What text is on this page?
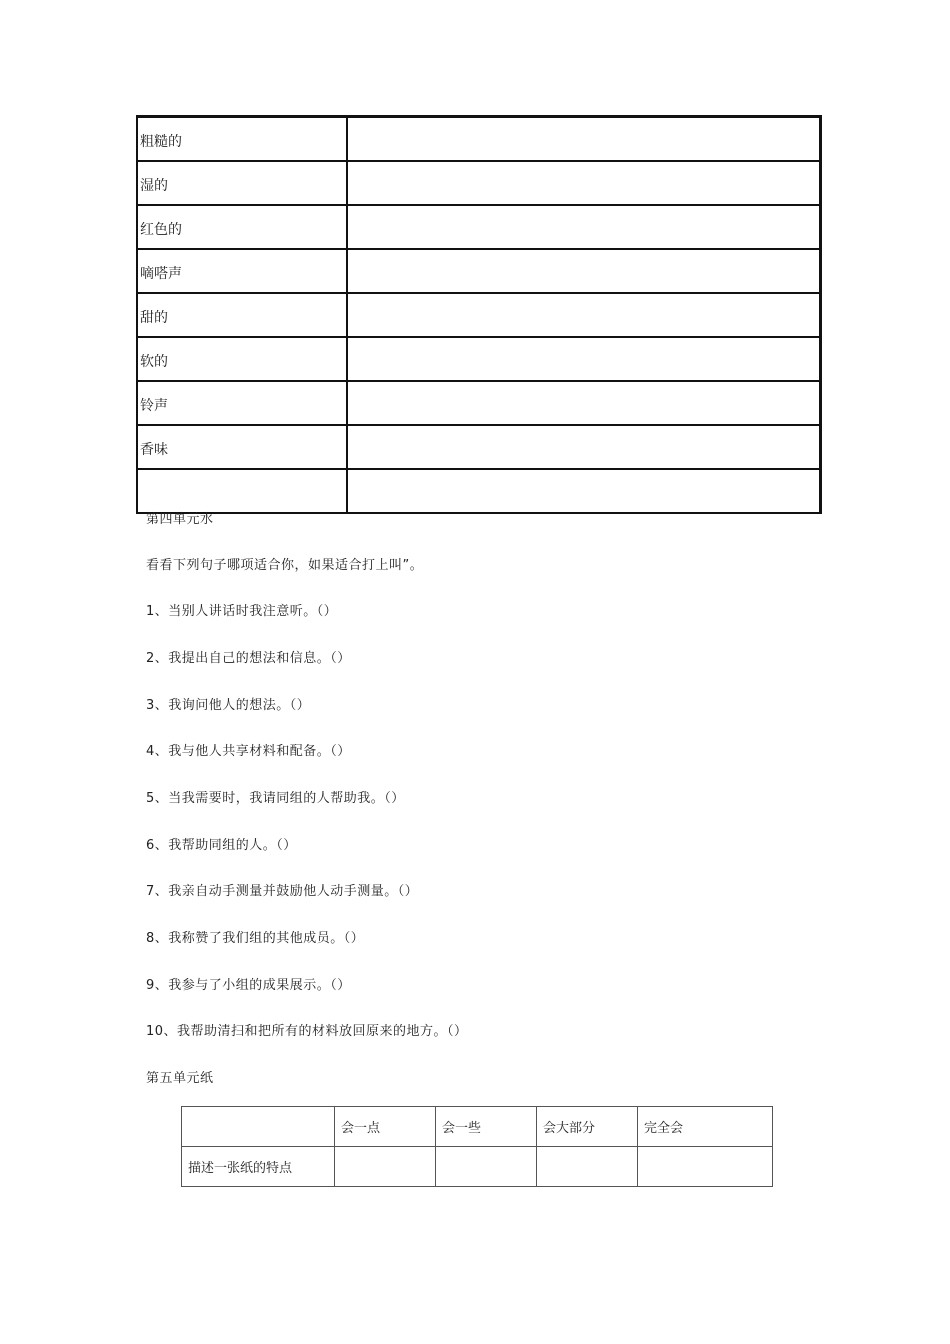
粗糙的	
湿的	
红色的	
嘀嗒声	
甜的	
软的	
铃声	
香味	

第四单元水
看看下列句子哪项适合你，如果适合打上叫”。
1、当别人讲话时我注意听。（）
2、我提出自己的想法和信息。（）
3、我询问他人的想法。（）
4、我与他人共享材料和配备。（）
5、当我需要时，我请同组的人帮助我。（）
6、我帮助同组的人。（）
7、我亲自动手测量并鼓励他人动手测量。（）
8、我称赞了我们组的其他成员。（）
9、我参与了小组的成果展示。（）
10、我帮助清扫和把所有的材料放回原来的地方。（）
第五单元纸
	会一点	会一些	会大部分	完全会
描述一张纸的特点				
